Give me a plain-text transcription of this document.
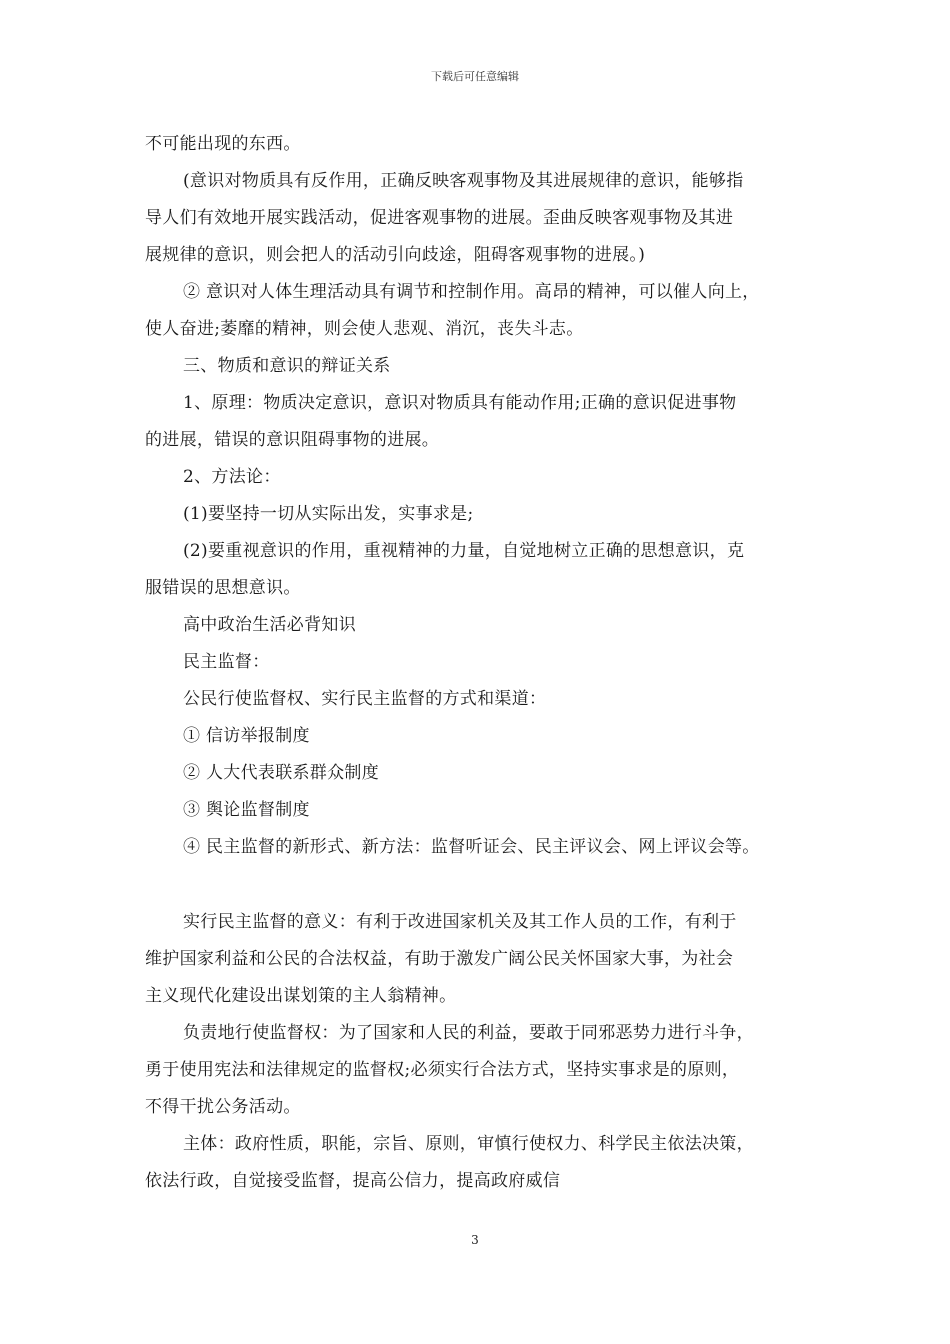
下载后可任意编辑
不可能出现的东西。
(意识对物质具有反作用，正确反映客观事物及其进展规律的意识，能够指
导人们有效地开展实践活动，促进客观事物的进展。歪曲反映客观事物及其进
展规律的意识，则会把人的活动引向歧途，阻碍客观事物的进展。)
② 意识对人体生理活动具有调节和控制作用。高昂的精神，可以催人向上，
使人奋进;萎靡的精神，则会使人悲观、消沉，丧失斗志。
三、物质和意识的辩证关系
1、原理：物质决定意识，意识对物质具有能动作用;正确的意识促进事物
的进展，错误的意识阻碍事物的进展。
2、方法论：
(1)要坚持一切从实际出发，实事求是;
(2)要重视意识的作用，重视精神的力量，自觉地树立正确的思想意识，克
服错误的思想意识。
高中政治生活必背知识
民主监督：
公民行使监督权、实行民主监督的方式和渠道：
① 信访举报制度
② 人大代表联系群众制度
③ 舆论监督制度
④ 民主监督的新形式、新方法：监督听证会、民主评议会、网上评议会等。
实行民主监督的意义：有利于改进国家机关及其工作人员的工作，有利于
维护国家利益和公民的合法权益，有助于激发广阔公民关怀国家大事，为社会
主义现代化建设出谋划策的主人翁精神。
负责地行使监督权：为了国家和人民的利益，要敢于同邪恶势力进行斗争，
勇于使用宪法和法律规定的监督权;必须实行合法方式，坚持实事求是的原则，
不得干扰公务活动。
主体：政府性质，职能，宗旨、原则，审慎行使权力、科学民主依法决策，
依法行政，自觉接受监督，提高公信力，提高政府威信
3
